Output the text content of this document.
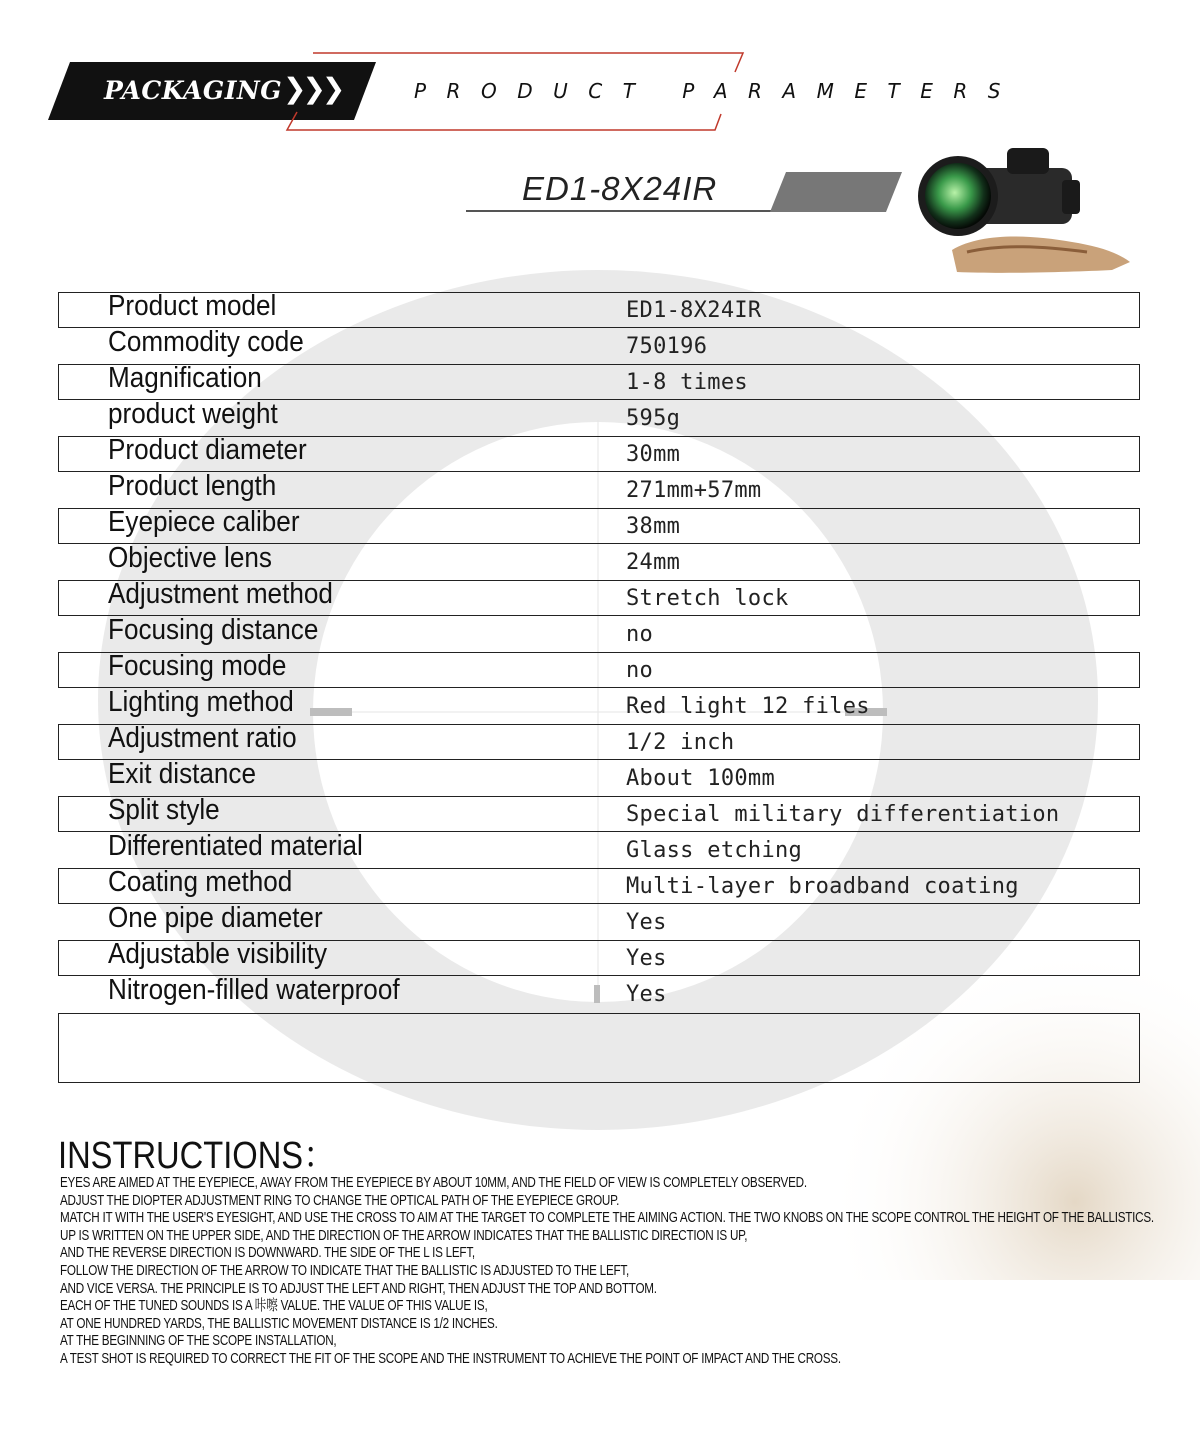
PACKAGING ❯❯❯	PRODUCT PARAMETERS
ED1-8X24IR
Product model	ED1-8X24IR
Commodity code	750196
Magnification	1-8 times
product weight	595g
Product diameter	30mm
Product length	271mm+57mm
Eyepiece caliber	38mm
Objective lens	24mm
Adjustment method	Stretch lock
Focusing distance	no
Focusing mode	no
Lighting method	Red light 12 files
Adjustment ratio	1/2 inch
Exit distance	About 100mm
Split style	Special military differentiation
Differentiated material	Glass etching
Coating method	Multi-layer broadband coating
One pipe diameter	Yes
Adjustable visibility	Yes
Nitrogen-filled waterproof	Yes
INSTRUCTIONS：
EYES ARE AIMED AT THE EYEPIECE, AWAY FROM THE EYEPIECE BY ABOUT 10MM, AND THE FIELD OF VIEW IS COMPLETELY OBSERVED.
ADJUST THE DIOPTER ADJUSTMENT RING TO CHANGE THE OPTICAL PATH OF THE EYEPIECE GROUP.
MATCH IT WITH THE USER'S EYESIGHT, AND USE THE CROSS TO AIM AT THE TARGET TO COMPLETE THE AIMING ACTION. THE TWO KNOBS ON THE SCOPE CONTROL THE HEIGHT OF THE BALLISTICS.
UP IS WRITTEN ON THE UPPER SIDE, AND THE DIRECTION OF THE ARROW INDICATES THAT THE BALLISTIC DIRECTION IS UP,
AND THE REVERSE DIRECTION IS DOWNWARD. THE SIDE OF THE L IS LEFT,
FOLLOW THE DIRECTION OF THE ARROW TO INDICATE THAT THE BALLISTIC IS ADJUSTED TO THE LEFT,
AND VICE VERSA. THE PRINCIPLE IS TO ADJUST THE LEFT AND RIGHT, THEN ADJUST THE TOP AND BOTTOM.
EACH OF THE TUNED SOUNDS IS A 咔嚓 VALUE. THE VALUE OF THIS VALUE IS,
AT ONE HUNDRED YARDS, THE BALLISTIC MOVEMENT DISTANCE IS 1/2 INCHES.
AT THE BEGINNING OF THE SCOPE INSTALLATION,
A TEST SHOT IS REQUIRED TO CORRECT THE FIT OF THE SCOPE AND THE INSTRUMENT TO ACHIEVE THE POINT OF IMPACT AND THE CROSS.
